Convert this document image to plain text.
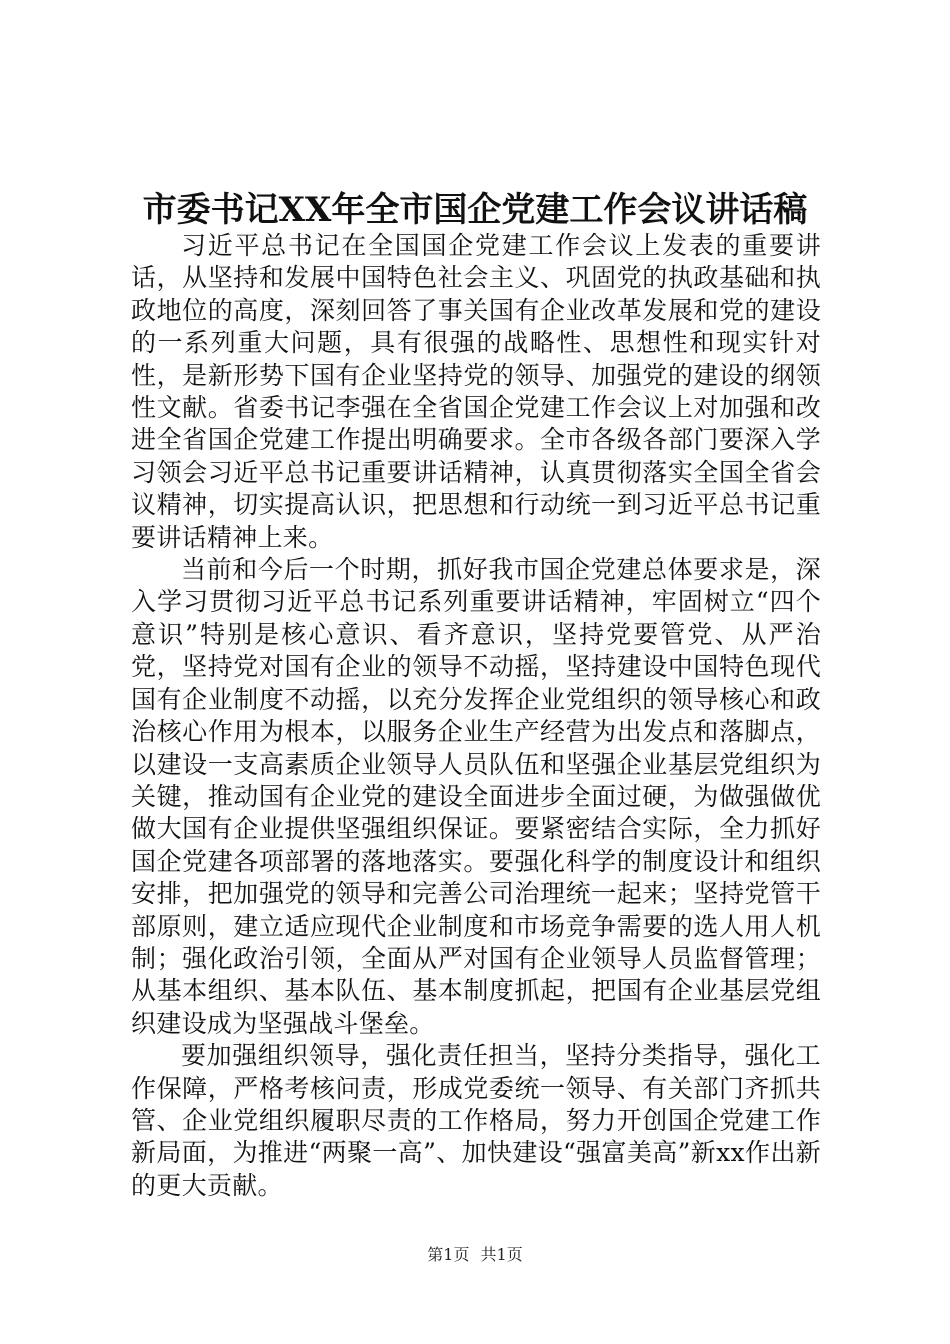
市委书记XX年全市国企党建工作会议讲话稿

习近平总书记在全国国企党建工作会议上发表的重要讲话，从坚持和发展中国特色社会主义、巩固党的执政基础和执政地位的高度，深刻回答了事关国有企业改革发展和党的建设的一系列重大问题，具有很强的战略性、思想性和现实针对性，是新形势下国有企业坚持党的领导、加强党的建设的纲领性文献。省委书记李强在全省国企党建工作会议上对加强和改进全省国企党建工作提出明确要求。全市各级各部门要深入学习领会习近平总书记重要讲话精神，认真贯彻落实全国全省会议精神，切实提高认识，把思想和行动统一到习近平总书记重要讲话精神上来。

当前和今后一个时期，抓好我市国企党建总体要求是，深入学习贯彻习近平总书记系列重要讲话精神，牢固树立“四个意识”特别是核心意识、看齐意识，坚持党要管党、从严治党，坚持党对国有企业的领导不动摇，坚持建设中国特色现代国有企业制度不动摇，以充分发挥企业党组织的领导核心和政治核心作用为根本，以服务企业生产经营为出发点和落脚点，以建设一支高素质企业领导人员队伍和坚强企业基层党组织为关键，推动国有企业党的建设全面进步全面过硬，为做强做优做大国有企业提供坚强组织保证。要紧密结合实际，全力抓好国企党建各项部署的落地落实。要强化科学的制度设计和组织安排，把加强党的领导和完善公司治理统一起来；坚持党管干部原则，建立适应现代企业制度和市场竞争需要的选人用人机制；强化政治引领，全面从严对国有企业领导人员监督管理；从基本组织、基本队伍、基本制度抓起，把国有企业基层党组织建设成为坚强战斗堡垒。

要加强组织领导，强化责任担当，坚持分类指导，强化工作保障，严格考核问责，形成党委统一领导、有关部门齐抓共管、企业党组织履职尽责的工作格局，努力开创国企党建工作新局面，为推进“两聚一高”、加快建设“强富美高”新xx作出新的更大贡献。

第1页 共1页
